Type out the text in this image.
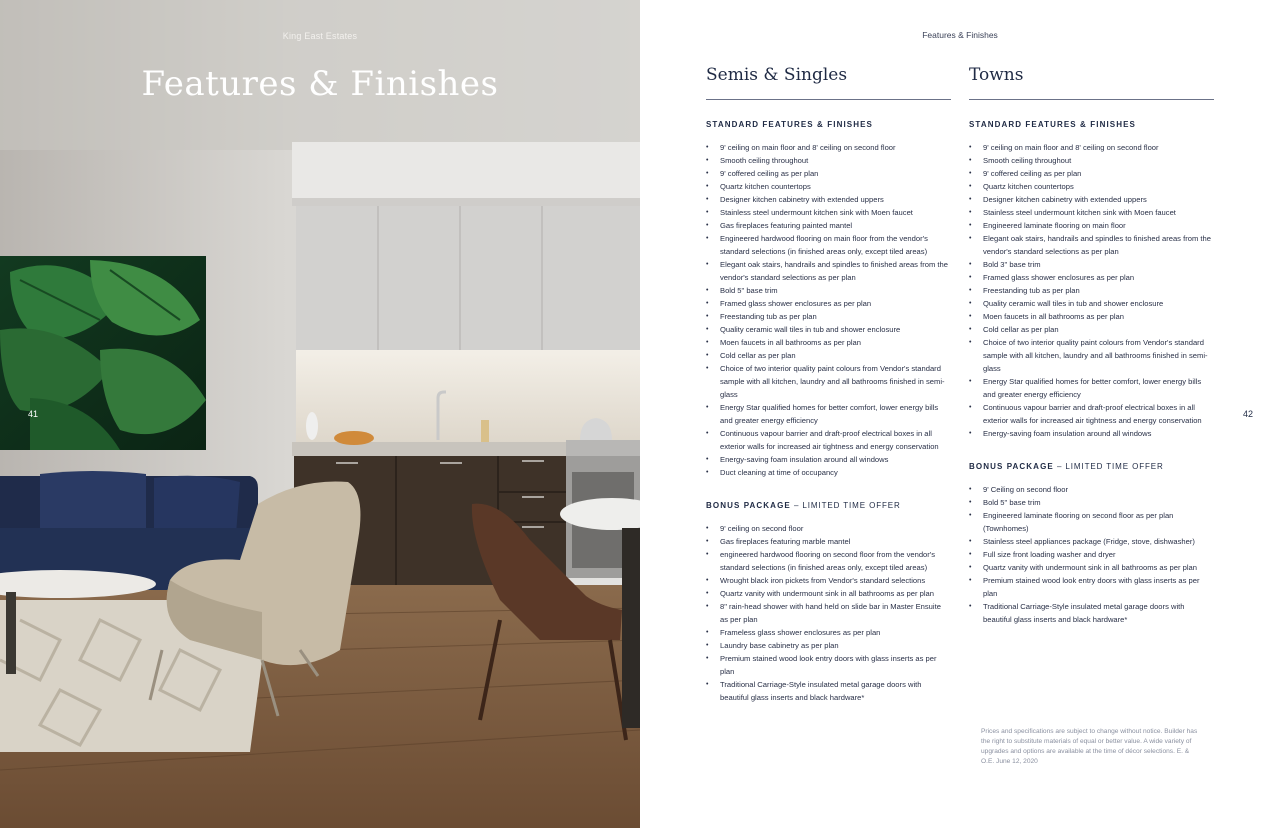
King East Estates
Features & Finishes
41
Features & Finishes
Semis & Singles
STANDARD FEATURES & FINISHES
• 9' ceiling on main floor and 8' ceiling on second floor
• Smooth ceiling throughout
• 9' coffered ceiling as per plan
• Quartz kitchen countertops
• Designer kitchen cabinetry with extended uppers
• Stainless steel undermount kitchen sink with Moen faucet
• Gas fireplaces featuring painted mantel
• Engineered hardwood flooring on main floor from the vendor's standard selections (in finished areas only, except tiled areas)
• Elegant oak stairs, handrails and spindles to finished areas from the vendor's standard selections as per plan
• Bold 5" base trim
• Framed glass shower enclosures as per plan
• Freestanding tub as per plan
• Quality ceramic wall tiles in tub and shower enclosure
• Moen faucets in all bathrooms as per plan
• Cold cellar as per plan
• Choice of two interior quality paint colours from Vendor's standard sample with all kitchen, laundry and all bathrooms finished in semi-glass
• Energy Star qualified homes for better comfort, lower energy bills and greater energy efficiency
• Continuous vapour barrier and draft-proof electrical boxes in all exterior walls for increased air tightness and energy conservation
• Energy-saving foam insulation around all windows
• Duct cleaning at time of occupancy
BONUS PACKAGE – LIMITED TIME OFFER
• 9' ceiling on second floor
• Gas fireplaces featuring marble mantel
• engineered hardwood flooring on second floor from the vendor's standard selections (in finished areas only, except tiled areas)
• Wrought black iron pickets from Vendor's standard selections
• Quartz vanity with undermount sink in all bathrooms as per plan
• 8" rain-head shower with hand held on slide bar in Master Ensuite as per plan
• Frameless glass shower enclosures as per plan
• Laundry base cabinetry as per plan
• Premium stained wood look entry doors with glass inserts as per plan
• Traditional Carriage-Style insulated metal garage doors with beautiful glass inserts and black hardware*
Towns
STANDARD FEATURES & FINISHES
• 9' ceiling on main floor and 8' ceiling on second floor
• Smooth ceiling throughout
• 9' coffered ceiling as per plan
• Quartz kitchen countertops
• Designer kitchen cabinetry with extended uppers
• Stainless steel undermount kitchen sink with Moen faucet
• Engineered laminate flooring on main floor
• Elegant oak stairs, handrails and spindles to finished areas from the vendor's standard selections as per plan
• Bold 3" base trim
• Framed glass shower enclosures as per plan
• Freestanding tub as per plan
• Quality ceramic wall tiles in tub and shower enclosure
• Moen faucets in all bathrooms as per plan
• Cold cellar as per plan
• Choice of two interior quality paint colours from Vendor's standard sample with all kitchen, laundry and all bathrooms finished in semi-glass
• Energy Star qualified homes for better comfort, lower energy bills and greater energy efficiency
• Continuous vapour barrier and draft-proof electrical boxes in all exterior walls for increased air tightness and energy conservation
• Energy-saving foam insulation around all windows
BONUS PACKAGE – LIMITED TIME OFFER
• 9' Ceiling on second floor
• Bold 5" base trim
• Engineered laminate flooring on second floor as per plan (Townhomes)
• Stainless steel appliances package (Fridge, stove, dishwasher)
• Full size front loading washer and dryer
• Quartz vanity with undermount sink in all bathrooms as per plan
• Premium stained wood look entry doors with glass inserts as per plan
• Traditional Carriage-Style insulated metal garage doors with beautiful glass inserts and black hardware*
42
Prices and specifications are subject to change without notice. Builder has the right to substitute materials of equal or better value. A wide variety of upgrades and options are available at the time of décor selections. E. & O.E. June 12, 2020
